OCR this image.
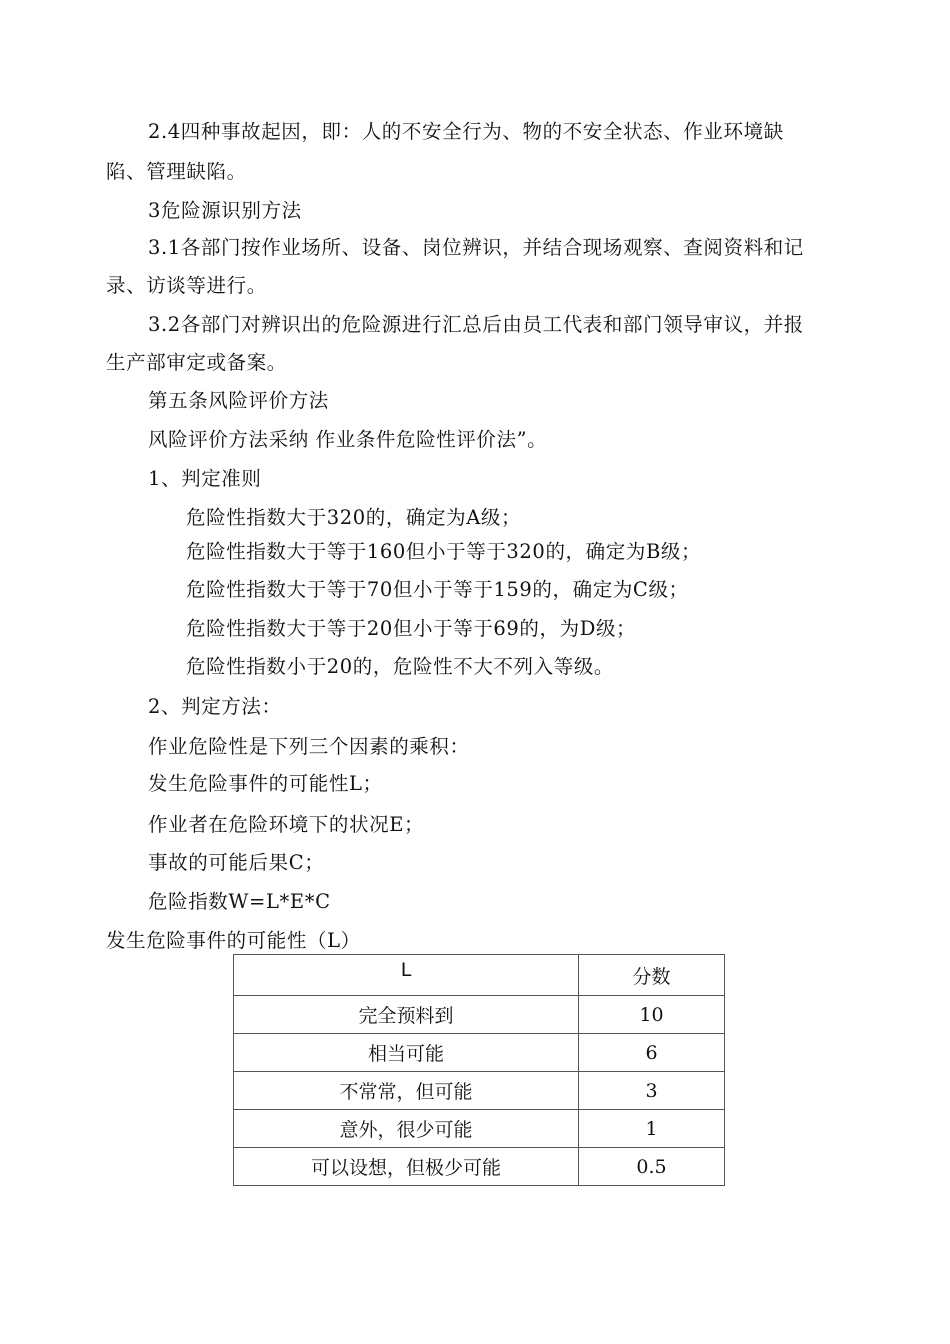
2.4四种事故起因，即：人的不安全行为、物的不安全状态、作业环境缺
陷、管理缺陷。
3危险源识别方法
3.1各部门按作业场所、设备、岗位辨识，并结合现场观察、查阅资料和记
录、访谈等进行。
3.2各部门对辨识出的危险源进行汇总后由员工代表和部门领导审议，并报
生产部审定或备案。
第五条风险评价方法
风险评价方法采纳 作业条件危险性评价法”。
1、判定准则
危险性指数大于320的，确定为A级；
危险性指数大于等于160但小于等于320的，确定为B级；
危险性指数大于等于70但小于等于159的，确定为C级；
危险性指数大于等于20但小于等于69的，为D级；
危险性指数小于20的，危险性不大不列入等级。
2、判定方法：
作业危险性是下列三个因素的乘积：
发生危险事件的可能性L；
作业者在危险环境下的状况E；
事故的可能后果C；
危险指数W=L*E*C
发生危险事件的可能性（L）
L	分数
完全预料到	10
相当可能	6
不常常，但可能	3
意外，很少可能	1
可以设想，但极少可能	0.5
